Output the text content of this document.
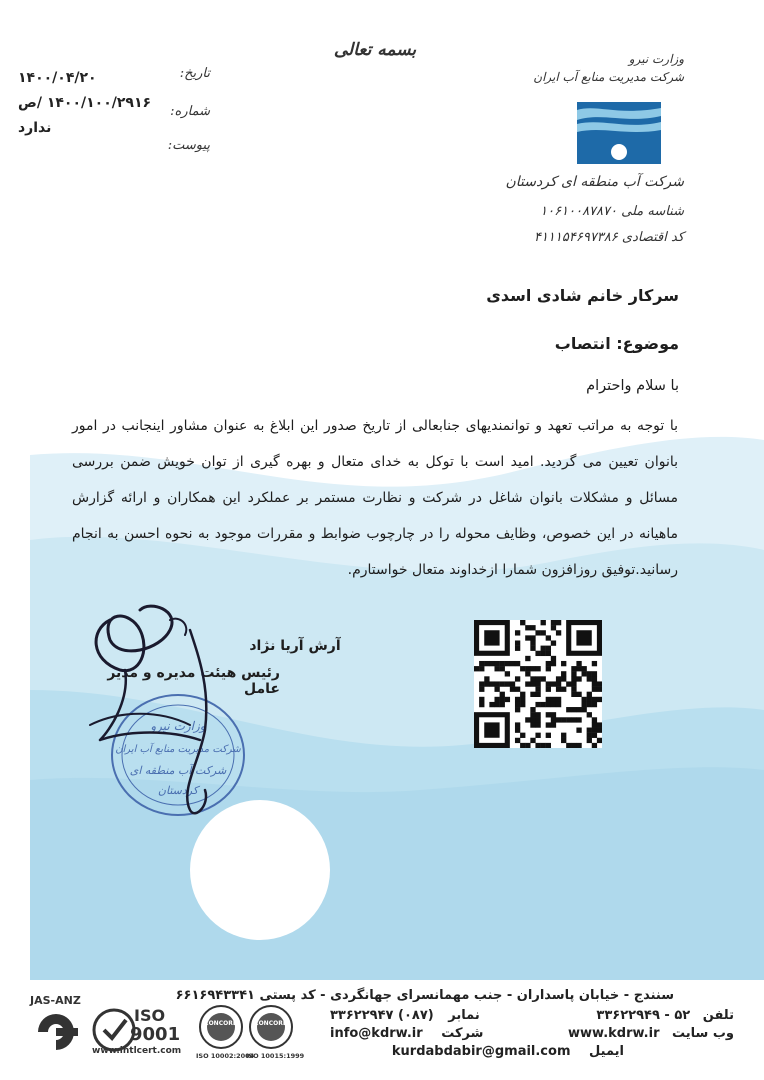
بسمه تعالی
تاریخ:
۱۴۰۰/۰۴/۲۰
شماره:
۱۴۰۰/۱۰۰/۲۹۱۶ /ص
پیوست:
ندارد
وزارت نیرو
شرکت مدیریت منابع آب ایران
شرکت آب منطقه ای کردستان
شناسه ملی ۱۰۶۱۰۰۸۷۸۷۰
کد اقتصادی ۴۱۱۱۵۴۶۹۷۳۸۶
سرکار خانم شادی اسدی
موضوع: انتصاب
با سلام واحترام
با توجه به مراتب تعهد و توانمندیهای جنابعالی از تاریخ صدور این ابلاغ به عنوان مشاور اینجانب در امور بانوان تعیین می گردید. امید است با توکل به خدای متعال و بهره گیری از توان خویش ضمن بررسی مسائل و مشکلات بانوان شاغل در شرکت و نظارت مستمر بر عملکرد این همکاران و ارائه گزارش ماهیانه در این خصوص، وظایف محوله را در چارچوب ضوابط و مقررات موجود به نحوه احسن به انجام رسانید.توفیق روزافزون شمارا ازخداوند متعال خواستارم.
وزارت نیرو
شرکت مدیریت منابع آب ایران
شرکت آب منطقه ای
کردستان
آرش آریا نژاد
رئیس هیئت مدیره و مدیر عامل
سنندج - خیابان پاسداران - جنب مهمانسرای جهانگردی - کد پستی ۶۶۱۶۹۴۳۳۴۱
تلفن ۵۲ - ۳۳۶۲۲۹۴۹
نمابر (۰۸۷) ۳۳۶۲۲۹۴۷
وب سایت www.kdrw.ir
شرکت info@kdrw.ir
ایمیل kurdabdabir@gmail.com
JAS-ANZ
ISO
9001
www.intlcert.com
CONCORD
ISO 10002:2004
CONCORD
ISO 10015:1999
